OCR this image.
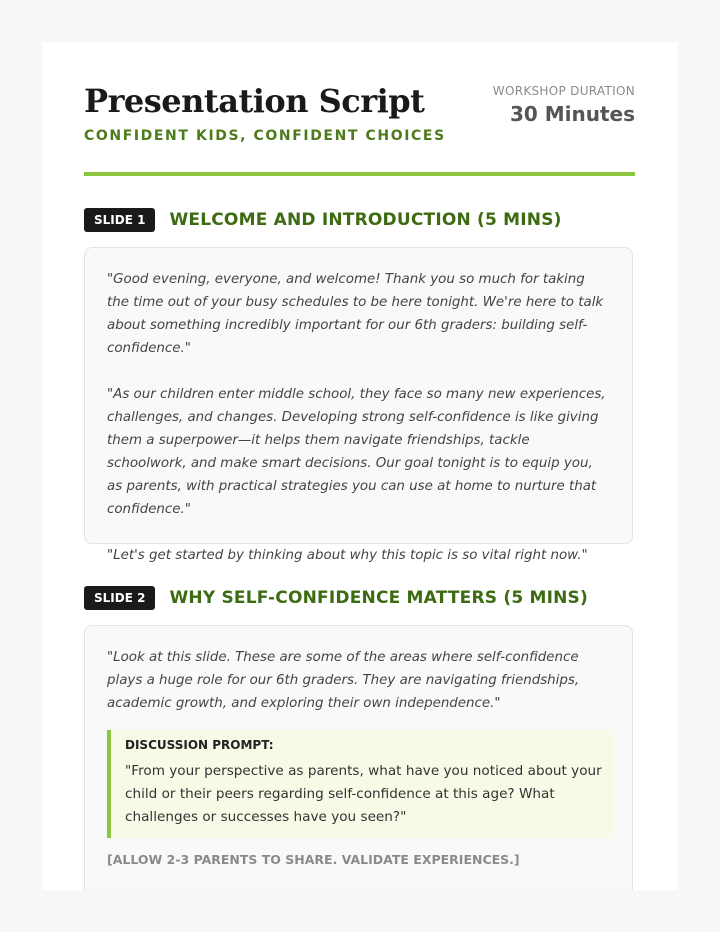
Presentation Script
CONFIDENT KIDS, CONFIDENT CHOICES
WORKSHOP DURATION
30 Minutes
SLIDE 1	WELCOME AND INTRODUCTION (5 MINS)

"Good evening, everyone, and welcome! Thank you so much for taking the time out of your busy schedules to be here tonight. We're here to talk about something incredibly important for our 6th graders: building self-confidence."

"As our children enter middle school, they face so many new experiences, challenges, and changes. Developing strong self-confidence is like giving them a superpower—it helps them navigate friendships, tackle schoolwork, and make smart decisions. Our goal tonight is to equip you, as parents, with practical strategies you can use at home to nurture that confidence."

"Let's get started by thinking about why this topic is so vital right now."

SLIDE 2	WHY SELF-CONFIDENCE MATTERS (5 MINS)

"Look at this slide. These are some of the areas where self-confidence plays a huge role for our 6th graders. They are navigating friendships, academic growth, and exploring their own independence."

DISCUSSION PROMPT:
"From your perspective as parents, what have you noticed about your child or their peers regarding self-confidence at this age? What challenges or successes have you seen?"
[ALLOW 2-3 PARENTS TO SHARE. VALIDATE EXPERIENCES.]
